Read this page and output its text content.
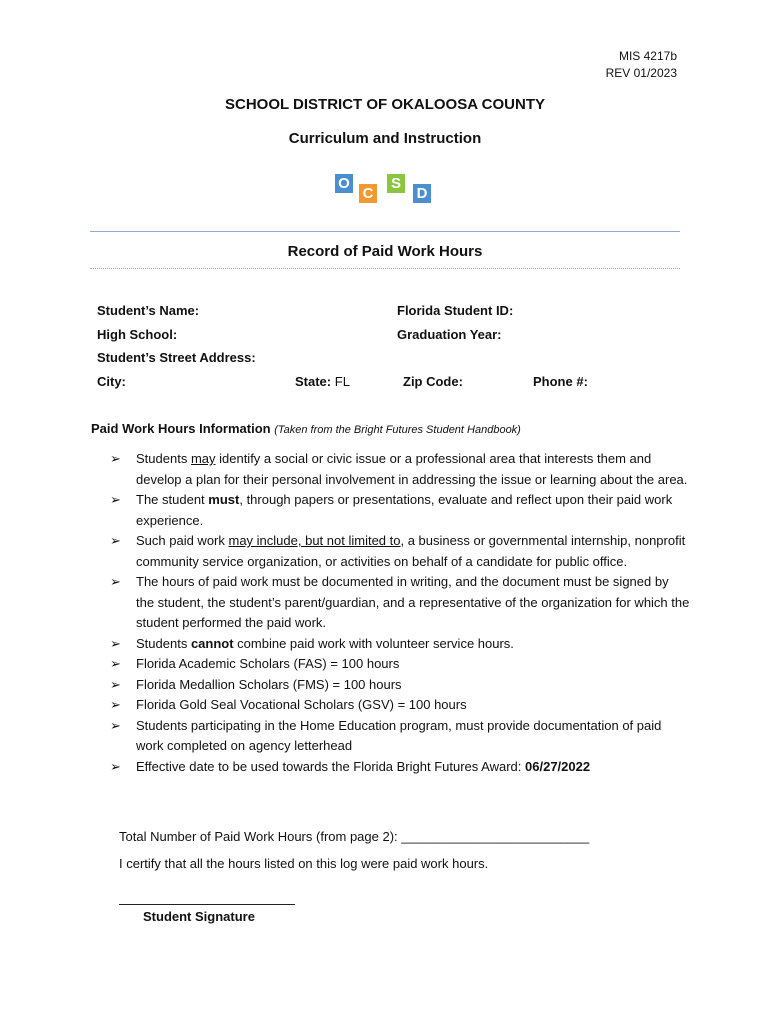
MIS 4217b
REV 01/2023
SCHOOL DISTRICT OF OKALOOSA COUNTY
Curriculum and Instruction
O
C
S
D
Record of Paid Work Hours
Student’s Name:	Florida Student ID:
High School:	Graduation Year:
Student’s Street Address:
City:	State: FL	Zip Code:	Phone #:
Paid Work Hours Information (Taken from the Bright Futures Student Handbook)
➢	Students may identify a social or civic issue or a professional area that interests them and develop a plan for their personal involvement in addressing the issue or learning about the area.
➢	The student must, through papers or presentations, evaluate and reflect upon their paid work experience.
➢	Such paid work may include, but not limited to, a business or governmental internship, nonprofit community service organization, or activities on behalf of a candidate for public office.
➢	The hours of paid work must be documented in writing, and the document must be signed by the student, the student’s parent/guardian, and a representative of the organization for which the student performed the paid work.
➢	Students cannot combine paid work with volunteer service hours.
➢	Florida Academic Scholars (FAS) = 100 hours
➢	Florida Medallion Scholars (FMS) = 100 hours
➢	Florida Gold Seal Vocational Scholars (GSV) = 100 hours
➢	Students participating in the Home Education program, must provide documentation of paid work completed on agency letterhead
➢	Effective date to be used towards the Florida Bright Futures Award: 06/27/2022
Total Number of Paid Work Hours (from page 2): __________________________
I certify that all the hours listed on this log were paid work hours.
Student Signature
